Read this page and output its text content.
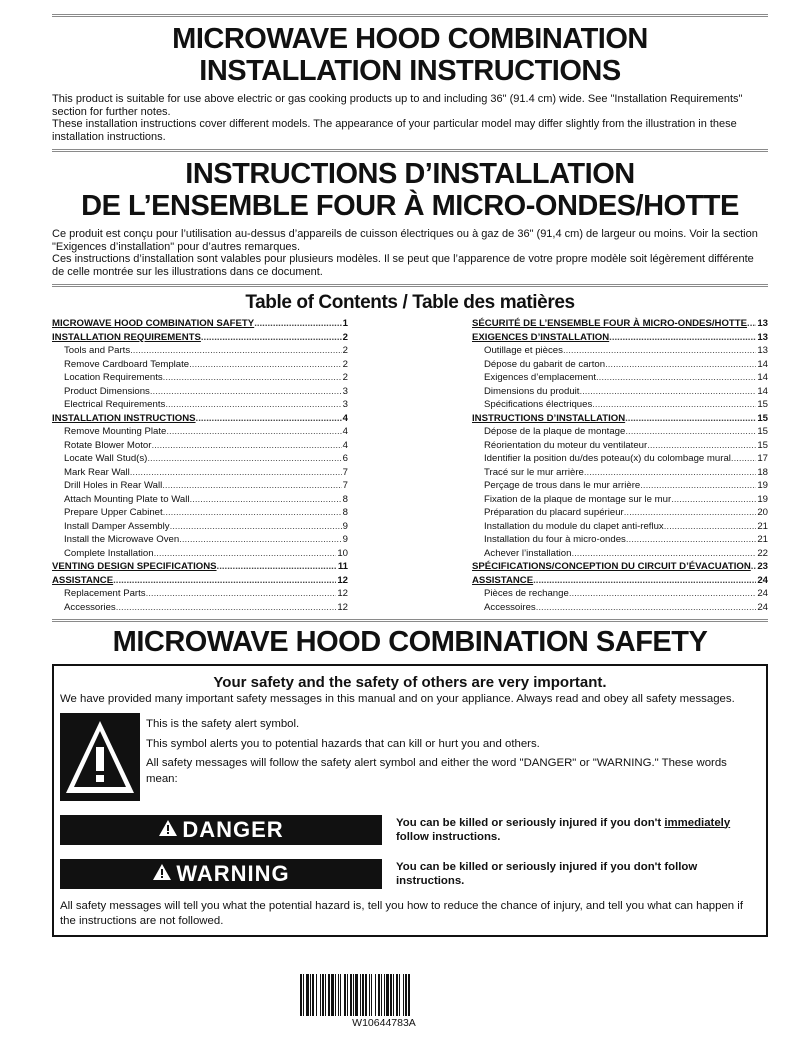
MICROWAVE HOOD COMBINATION

INSTALLATION INSTRUCTIONS

This product is suitable for use above electric or gas cooking products up to and including 36" (91.4 cm) wide. See "Installation Requirements" section for further notes.

These installation instructions cover different models. The appearance of your particular model may differ slightly from the illustration in these installation instructions.

INSTRUCTIONS D’INSTALLATION

DE L’ENSEMBLE FOUR À MICRO-ONDES/HOTTE

Ce produit est conçu pour l’utilisation au-dessus d’appareils de cuisson électriques ou à gaz de 36" (91,4 cm) de largeur ou moins. Voir la section "Exigences d’installation" pour d’autres remarques.

Ces instructions d’installation sont valables pour plusieurs modèles. Il se peut que l’apparence de votre propre modèle soit légèrement différente de celle montrée sur les illustrations dans ce document.

Table of Contents / Table des matières

MICROWAVE HOOD COMBINATION SAFETY .....	1
INSTALLATION REQUIREMENTS .....	2
Tools and Parts .....	2
Remove Cardboard Template .....	2
Location Requirements .....	2
Product Dimensions .....	3
Electrical Requirements .....	3
INSTALLATION INSTRUCTIONS .....	4
Remove Mounting Plate .....	4
Rotate Blower Motor .....	4
Locate Wall Stud(s) .....	6
Mark Rear Wall .....	7
Drill Holes in Rear Wall .....	7
Attach Mounting Plate to Wall .....	8
Prepare Upper Cabinet .....	8
Install Damper Assembly .....	9
Install the Microwave Oven .....	9
Complete Installation .....	10
VENTING DESIGN SPECIFICATIONS .....	11
ASSISTANCE .....	12
Replacement Parts .....	12
Accessories .....	12
SÉCURITÉ DE L’ENSEMBLE FOUR À MICRO-ONDES/HOTTE ..... 13
EXIGENCES D’INSTALLATION .....	13
Outillage et pièces .....	13
Dépose du gabarit de carton .....	14
Exigences d’emplacement .....	14
Dimensions du produit .....	14
Spécifications électriques .....	15
INSTRUCTIONS D’INSTALLATION .....	15
Dépose de la plaque de montage .....	15
Réorientation du moteur du ventilateur .....	15
Identifier la position du/des poteau(x) du colombage mural .....	17
Tracé sur le mur arrière .....	18
Perçage de trous dans le mur arrière .....	19
Fixation de la plaque de montage sur le mur .....	19
Préparation du placard supérieur .....	20
Installation du module du clapet anti-reflux .....	21
Installation du four à micro-ondes .....	21
Achever l’installation .....	22
SPÉCIFICATIONS/CONCEPTION DU CIRCUIT D’ÉVACUATION ..... 23
ASSISTANCE .....	24
Pièces de rechange .....	24
Accessoires .....	24

MICROWAVE HOOD COMBINATION SAFETY

Your safety and the safety of others are very important.

We have provided many important safety messages in this manual and on your appliance. Always read and obey all safety messages.

This is the safety alert symbol.

This symbol alerts you to potential hazards that can kill or hurt you and others.

All safety messages will follow the safety alert symbol and either the word "DANGER" or "WARNING." These words mean:

DANGER	You can be killed or seriously injured if you don't immediately
follow instructions.
WARNING	You can be killed or seriously injured if you don't follow instructions.

All safety messages will tell you what the potential hazard is, tell you how to reduce the chance of injury, and tell you what can happen if the instructions are not followed.

W10644783A
